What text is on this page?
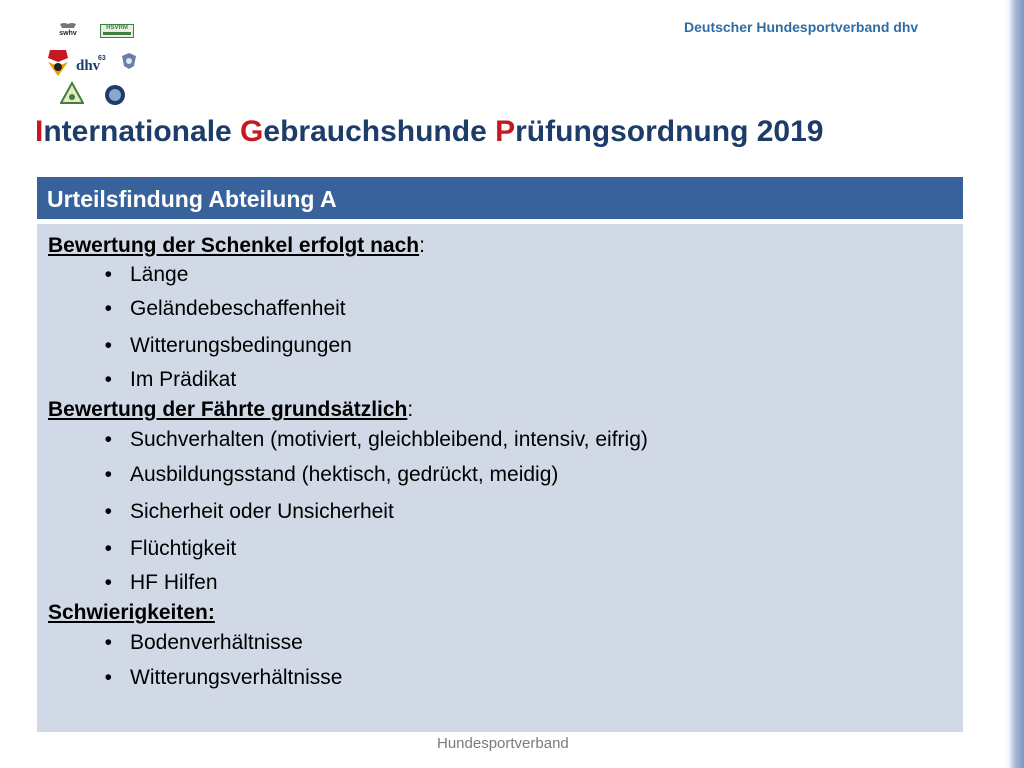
Deutscher Hundesportverband dhv
swhv
HSVRM
dhv
63
Internationale Gebrauchshunde Prüfungsordnung 2019
Urteilsfindung Abteilung A

Bewertung der Schenkel erfolgt nach:

• Länge
• Geländebeschaffenheit
• Witterungsbedingungen
• Im Prädikat

Bewertung der Fährte grundsätzlich:

• Suchverhalten (motiviert, gleichbleibend, intensiv, eifrig)
• Ausbildungsstand (hektisch, gedrückt, meidig)
• Sicherheit oder Unsicherheit
• Flüchtigkeit
• HF Hilfen

Schwierigkeiten:

• Bodenverhältnisse
• Witterungsverhältnisse
Hundesportverband
